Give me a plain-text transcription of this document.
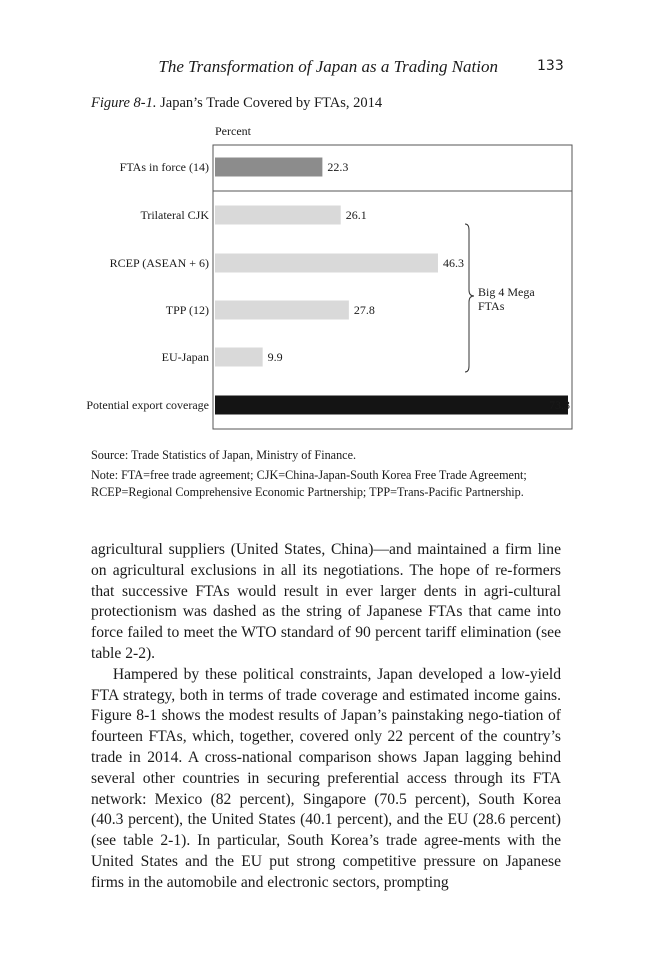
The Transformation of Japan as a Trading Nation	133
Figure 8-1. Japan’s Trade Covered by FTAs, 2014
Percent
FTAs in force (14)	22.3
Trilateral CJK	26.1
RCEP (ASEAN + 6)	46.3
TPP (12)	27.8
EU-Japan	9.9
Potential export coverage	73.3
Big 4 Mega
FTAs
Source: Trade Statistics of Japan, Ministry of Finance.
Note: FTA=free trade agreement; CJK=China-Japan-South Korea Free Trade Agreement; RCEP=Regional Comprehensive Economic Partnership; TPP=Trans-Pacific Partnership.

agricultural suppliers (United States, China)—and maintained a firm line on agricultural exclusions in all its negotiations. The hope of re-formers that successive FTAs would result in ever larger dents in agri-cultural protectionism was dashed as the string of Japanese FTAs that came into force failed to meet the WTO standard of 90 percent tariff elimination (see table 2-2).

Hampered by these political constraints, Japan developed a low-yield FTA strategy, both in terms of trade coverage and estimated income gains. Figure 8-1 shows the modest results of Japan’s painstaking nego-tiation of fourteen FTAs, which, together, covered only 22 percent of the country’s trade in 2014. A cross-national comparison shows Japan lagging behind several other countries in securing preferential access through its FTA network: Mexico (82 percent), Singapore (70.5 percent), South Korea (40.3 percent), the United States (40.1 percent), and the EU (28.6 percent) (see table 2-1). In particular, South Korea’s trade agree-ments with the United States and the EU put strong competitive pressure on Japanese firms in the automobile and electronic sectors, prompting
